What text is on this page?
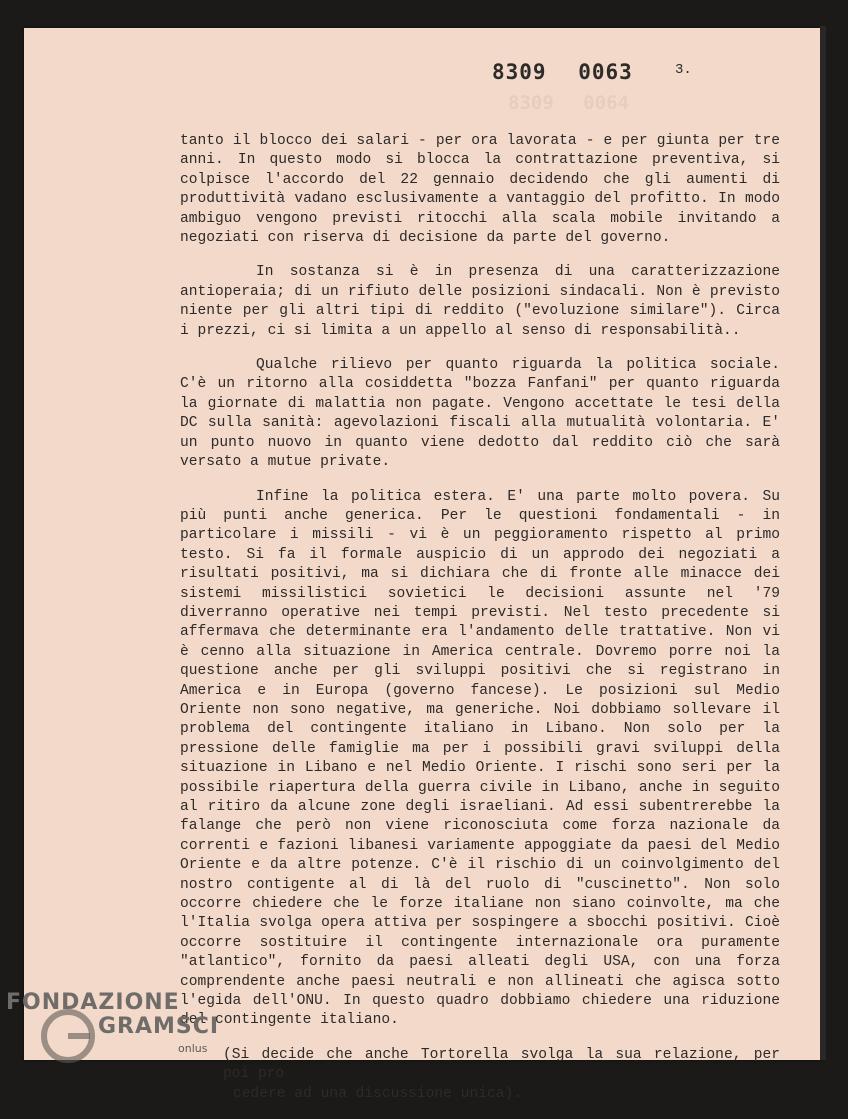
8309 0064

8309 0063	3.

tanto il blocco dei salari - per ora lavorata - e per giunta per tre anni. In questo modo si blocca la contrattazione preventiva, si colpisce l'accordo del 22 gennaio decidendo che gli aumenti di produttività vadano esclusivamente a vantaggio del profitto. In modo ambiguo vengono previsti ritocchi alla scala mobile invitando a negoziati con riserva di decisione da parte del governo.

In sostanza si è in presenza di una caratterizzazione antioperaia; di un rifiuto delle posizioni sindacali. Non è previsto niente per gli altri tipi di reddito ("evoluzione similare"). Circa i prezzi, ci si limita a un appello al senso di responsabilità..

Qualche rilievo per quanto riguarda la politica sociale. C'è un ritorno alla cosiddetta "bozza Fanfani" per quanto riguarda la giornate di malattia non pagate. Vengono accettate le tesi della DC sulla sanità: agevolazioni fiscali alla mutualità volontaria. E' un punto nuovo in quanto viene dedotto dal reddito ciò che sarà versato a mutue private.

Infine la politica estera. E' una parte molto povera. Su più punti anche generica. Per le questioni fondamentali - in particolare i missili - vi è un peggioramento rispetto al primo testo. Si fa il formale auspicio di un approdo dei negoziati a risultati positivi, ma si dichiara che di fronte alle minacce dei sistemi missilistici sovietici le decisioni assunte nel '79 diverranno operative nei tempi previsti. Nel testo precedente si affermava che determinante era l'andamento delle trattative. Non vi è cenno alla situazione in America centrale. Dovremo porre noi la questione anche per gli sviluppi positivi che si registrano in America e in Europa (governo fancese). Le posizioni sul Medio Oriente non sono negative, ma generiche. Noi dobbiamo sollevare il problema del contingente italiano in Libano. Non solo per la pressione delle famiglie ma per i possibili gravi sviluppi della situazione in Libano e nel Medio Oriente. I rischi sono seri per la possibile riapertura della guerra civile in Libano, anche in seguito al ritiro da alcune zone degli israeliani. Ad essi subentrerebbe la falange che però non viene riconosciuta come forza nazionale da correnti e fazioni libanesi variamente appoggiate da paesi del Medio Oriente e da altre potenze. C'è il rischio di un coinvolgimento del nostro contigente al di là del ruolo di "cuscinetto". Non solo occorre chiedere che le forze italiane non siano coinvolte, ma che l'Italia svolga opera attiva per sospingere a sbocchi positivi. Cioè occorre sostituire il contingente internazionale ora puramente "atlantico", fornito da paesi alleati degli USA, con una forza comprendente anche paesi neutrali e non allineati che agisca sotto l'egida dell'ONU. In questo quadro dobbiamo chiedere una riduzione del contingente italiano.

(Si decide che anche Tortorella svolga la sua relazione, per poi pro
cedere ad una discussione unica).

FONDAZIONE

GRAMSCI

onlus
